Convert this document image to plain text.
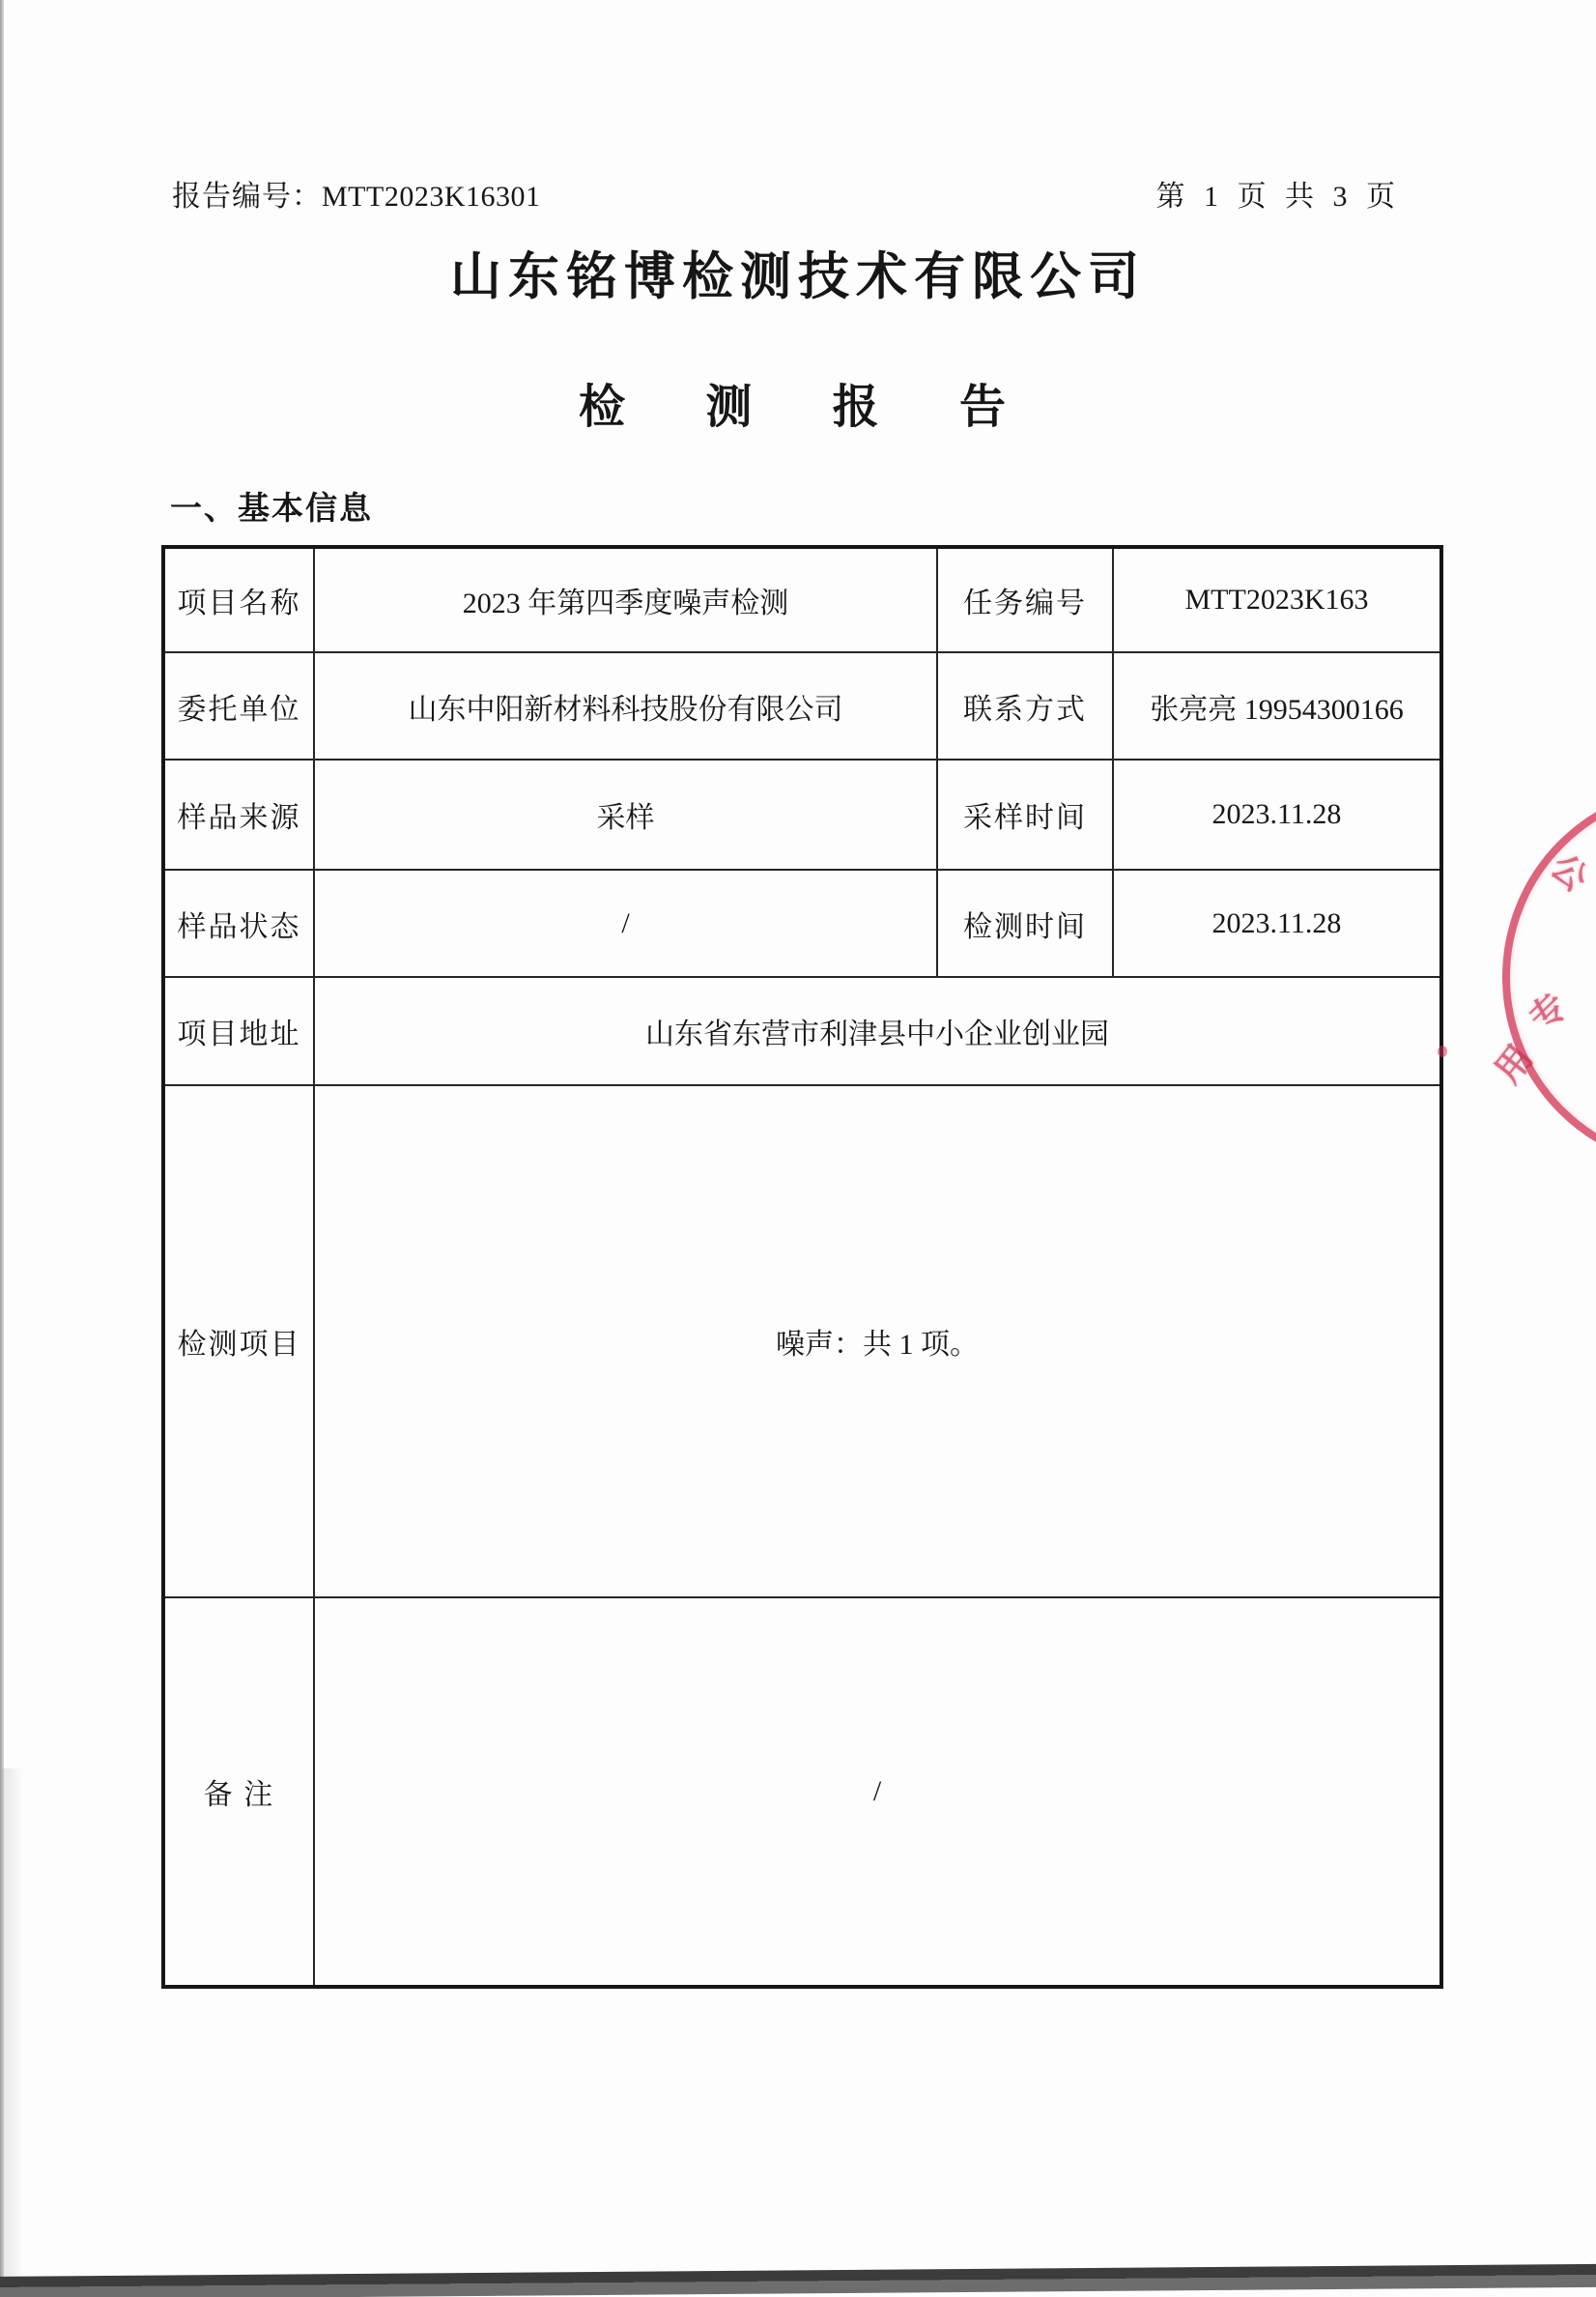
报告编号：MTT2023K16301	第 1 页 共 3 页
山东铭博检测技术有限公司
检 测 报 告
一、基本信息
项目名称	2023 年第四季度噪声检测	任务编号	MTT2023K163
委托单位	山东中阳新材料科技股份有限公司	联系方式	张亮亮 19954300166
样品来源	采样	采样时间	2023.11.28
样品状态	/	检测时间	2023.11.28
项目地址	山东省东营市利津县中小企业创业园		
检测项目	噪声：共 1 项。		
备 注	/		
公
专
用
